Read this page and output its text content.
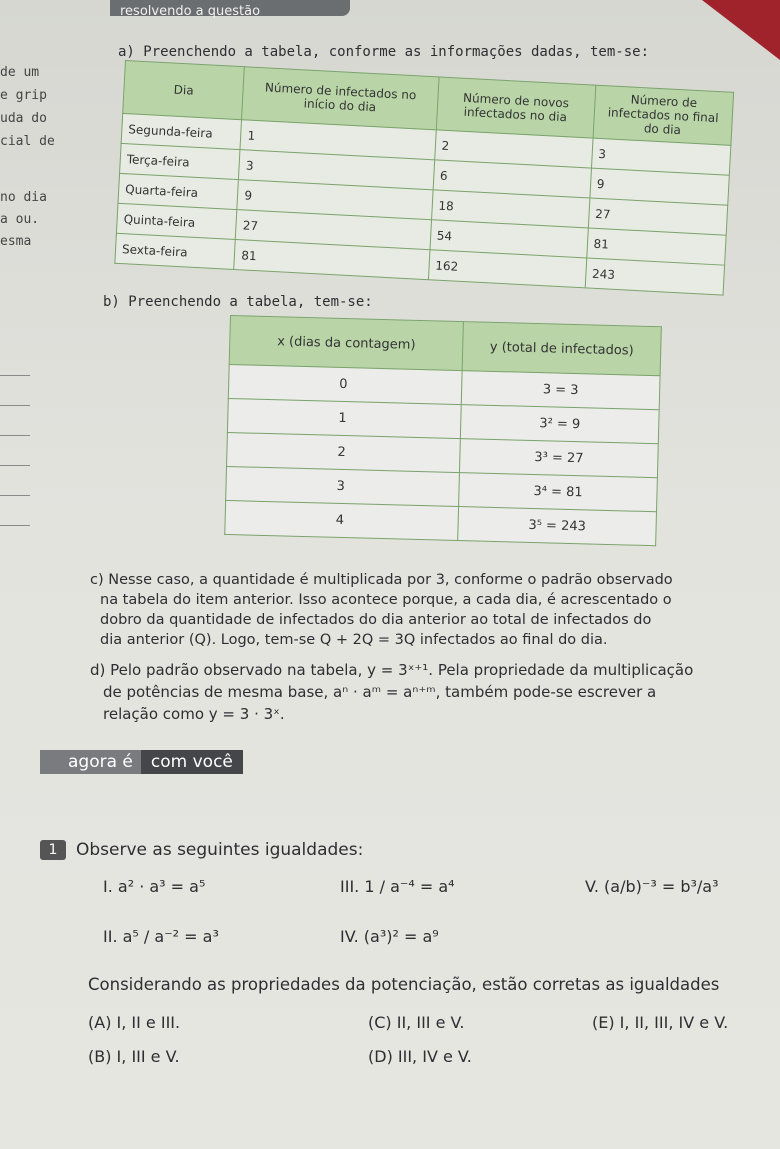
resolvendo a questão
de um
e grip
uda do
cial de
no dia
a ou.
esma
a) Preenchendo a tabela, conforme as informações dadas, tem-se:
Dia	Número de infectados no início do dia	Número de novos infectados no dia	Número de infectados no final do dia
Segunda-feira	1	2	3
Terça-feira	3	6	9
Quarta-feira	9	18	27
Quinta-feira	27	54	81
Sexta-feira	81	162	243
b) Preenchendo a tabela, tem-se:
x (dias da contagem)	y (total de infectados)
0	3 = 3
1	3² = 9
2	3³ = 27
3	3⁴ = 81
4	3⁵ = 243
c) Nesse caso, a quantidade é multiplicada por 3, conforme o padrão observado
na tabela do item anterior. Isso acontece porque, a cada dia, é acrescentado o
dobro da quantidade de infectados do dia anterior ao total de infectados do
dia anterior (Q). Logo, tem-se Q + 2Q = 3Q infectados ao final do dia.
d) Pelo padrão observado na tabela, y = 3ˣ⁺¹. Pela propriedade da multiplicação
de potências de mesma base, aⁿ · aᵐ = aⁿ⁺ᵐ, também pode-se escrever a
relação como y = 3 · 3ˣ.
agora é com você
1	Observe as seguintes igualdades:
I. a² · a³ = a⁵	III. 1 / a⁻⁴ = a⁴	V. (a/b)⁻³ = b³/a³
II. a⁵ / a⁻² = a³	IV. (a³)² = a⁹
Considerando as propriedades da potenciação, estão corretas as igualdades
(A) I, II e III.	(C) II, III e V.	(E) I, II, III, IV e V.
(B) I, III e V.	(D) III, IV e V.
